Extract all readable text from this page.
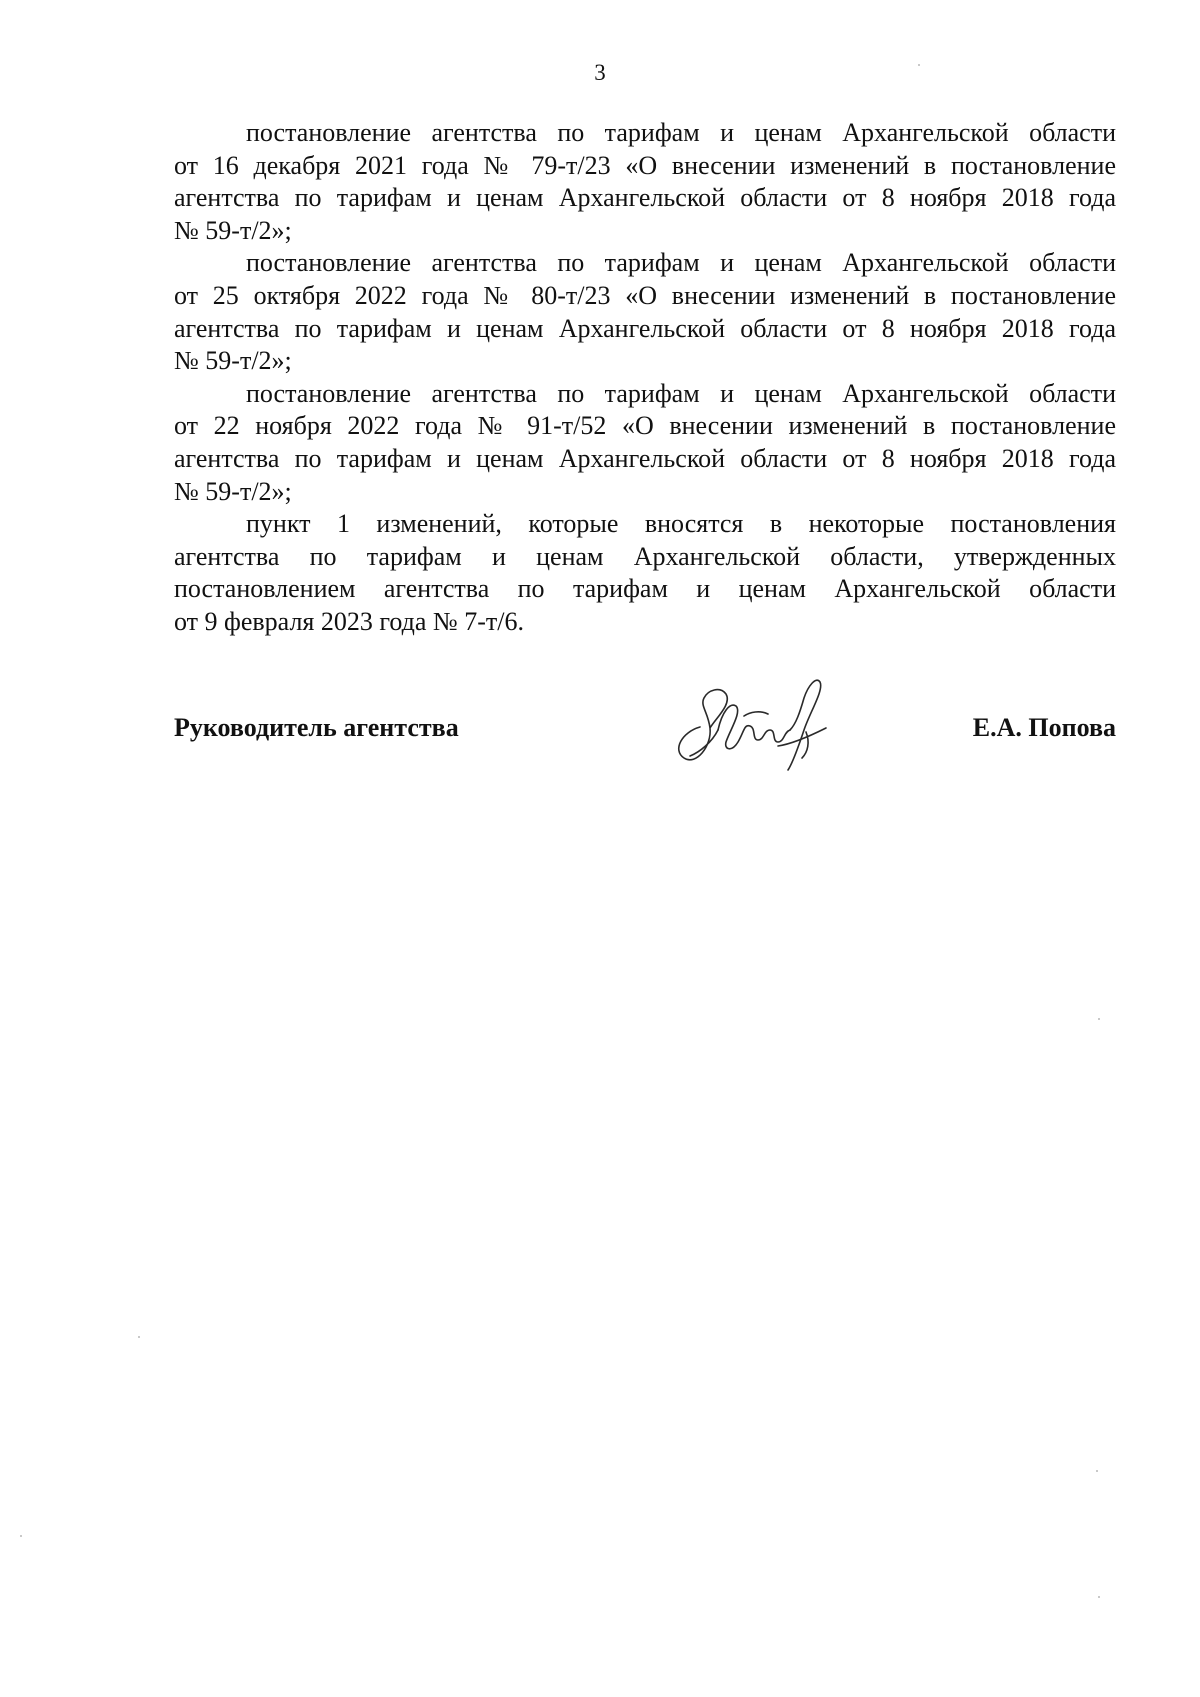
3

постановление агентства по тарифам и ценам Архангельской области
от 16 декабря 2021 года № 79-т/23 «О внесении изменений в постановление
агентства по тарифам и ценам Архангельской области от 8 ноября 2018 года
№ 59-т/2»;

постановление агентства по тарифам и ценам Архангельской области
от 25 октября 2022 года № 80-т/23 «О внесении изменений в постановление
агентства по тарифам и ценам Архангельской области от 8 ноября 2018 года
№ 59-т/2»;

постановление агентства по тарифам и ценам Архангельской области
от 22 ноября 2022 года № 91-т/52 «О внесении изменений в постановление
агентства по тарифам и ценам Архангельской области от 8 ноября 2018 года
№ 59-т/2»;

пункт 1 изменений, которые вносятся в некоторые постановления
агентства по тарифам и ценам Архангельской области, утвержденных
постановлением агентства по тарифам и ценам Архангельской области
от 9 февраля 2023 года № 7-т/6.

Руководитель агентства	Е.А. Попова
